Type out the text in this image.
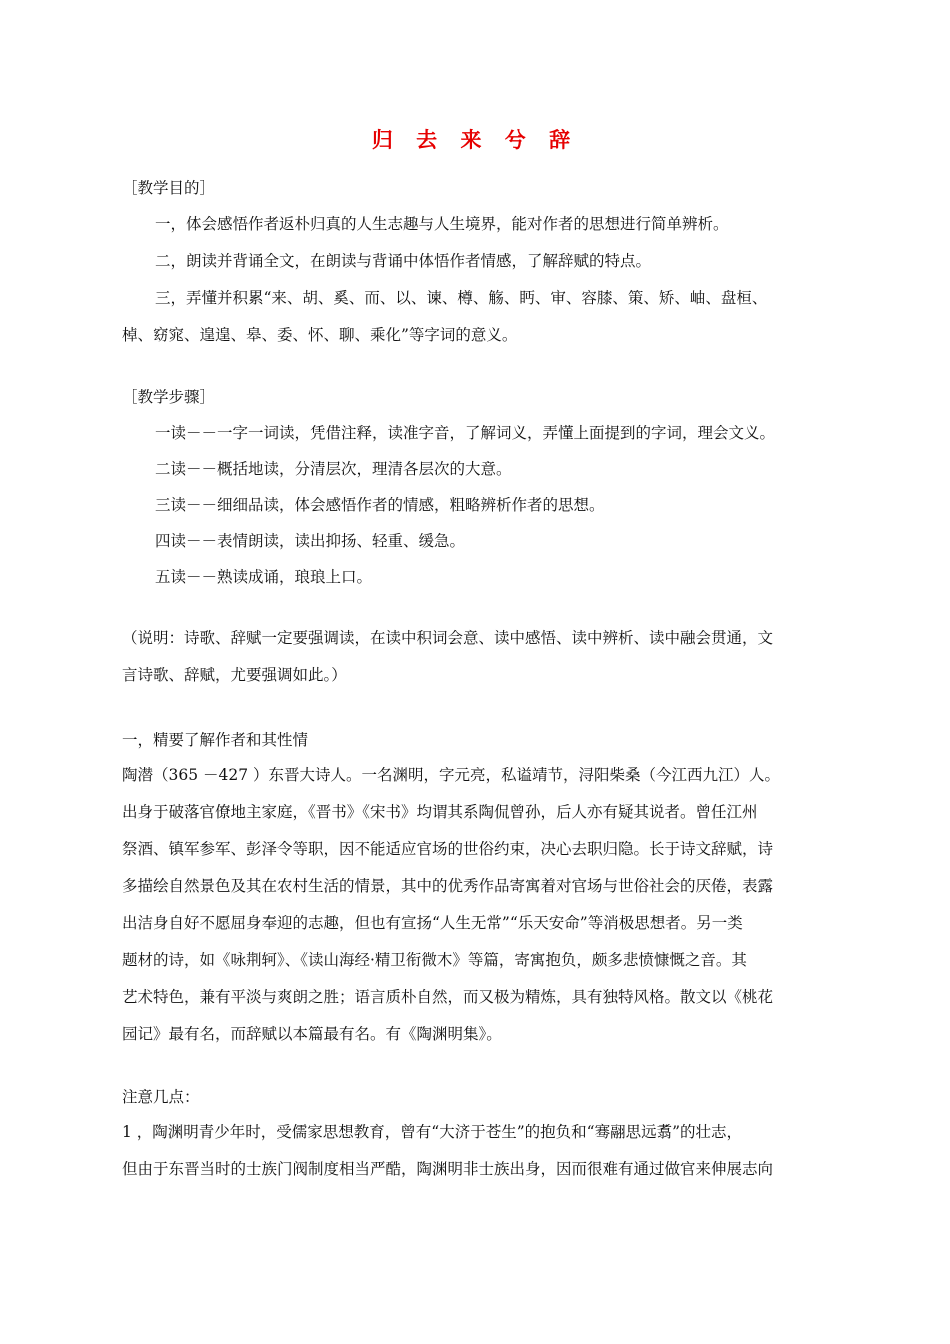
归 去 来 兮 辞
［教学目的］
一，体会感悟作者返朴归真的人生志趣与人生境界，能对作者的思想进行简单辨析。
二，朗读并背诵全文，在朗读与背诵中体悟作者情感，了解辞赋的特点。
三，弄懂并积累“来、胡、奚、而、以、谏、樽、觞、眄、审、容膝、策、矫、岫、盘桓、
棹、窈窕、遑遑、皋、委、怀、聊、乘化”等字词的意义。
［教学步骤］
一读－－一字一词读，凭借注释，读准字音，了解词义，弄懂上面提到的字词，理会文义。
二读－－概括地读，分清层次，理清各层次的大意。
三读－－细细品读，体会感悟作者的情感，粗略辨析作者的思想。
四读－－表情朗读，读出抑扬、轻重、缓急。
五读－－熟读成诵，琅琅上口。
（说明：诗歌、辞赋一定要强调读，在读中积词会意、读中感悟、读中辨析、读中融会贯通，文
言诗歌、辞赋，尤要强调如此。）
一，精要了解作者和其性情
陶潜（365 －427 ）东晋大诗人。一名渊明，字元亮，私谥靖节，浔阳柴桑（今江西九江）人。
出身于破落官僚地主家庭，《晋书》《宋书》均谓其系陶侃曾孙，后人亦有疑其说者。曾任江州
祭酒、镇军参军、彭泽令等职，因不能适应官场的世俗约束，决心去职归隐。长于诗文辞赋，诗
多描绘自然景色及其在农村生活的情景，其中的优秀作品寄寓着对官场与世俗社会的厌倦，表露
出洁身自好不愿屈身奉迎的志趣，但也有宣扬“人生无常”“乐天安命”等消极思想者。另一类
题材的诗，如《咏荆轲》、《读山海经·精卫衔微木》等篇，寄寓抱负，颇多悲愤慷慨之音。其
艺术特色，兼有平淡与爽朗之胜；语言质朴自然，而又极为精炼，具有独特风格。散文以《桃花
园记》最有名，而辞赋以本篇最有名。有《陶渊明集》。
注意几点：
1 ，陶渊明青少年时，受儒家思想教育，曾有“大济于苍生”的抱负和“骞翮思远翥”的壮志，
但由于东晋当时的士族门阀制度相当严酷，陶渊明非士族出身，因而很难有通过做官来伸展志向
